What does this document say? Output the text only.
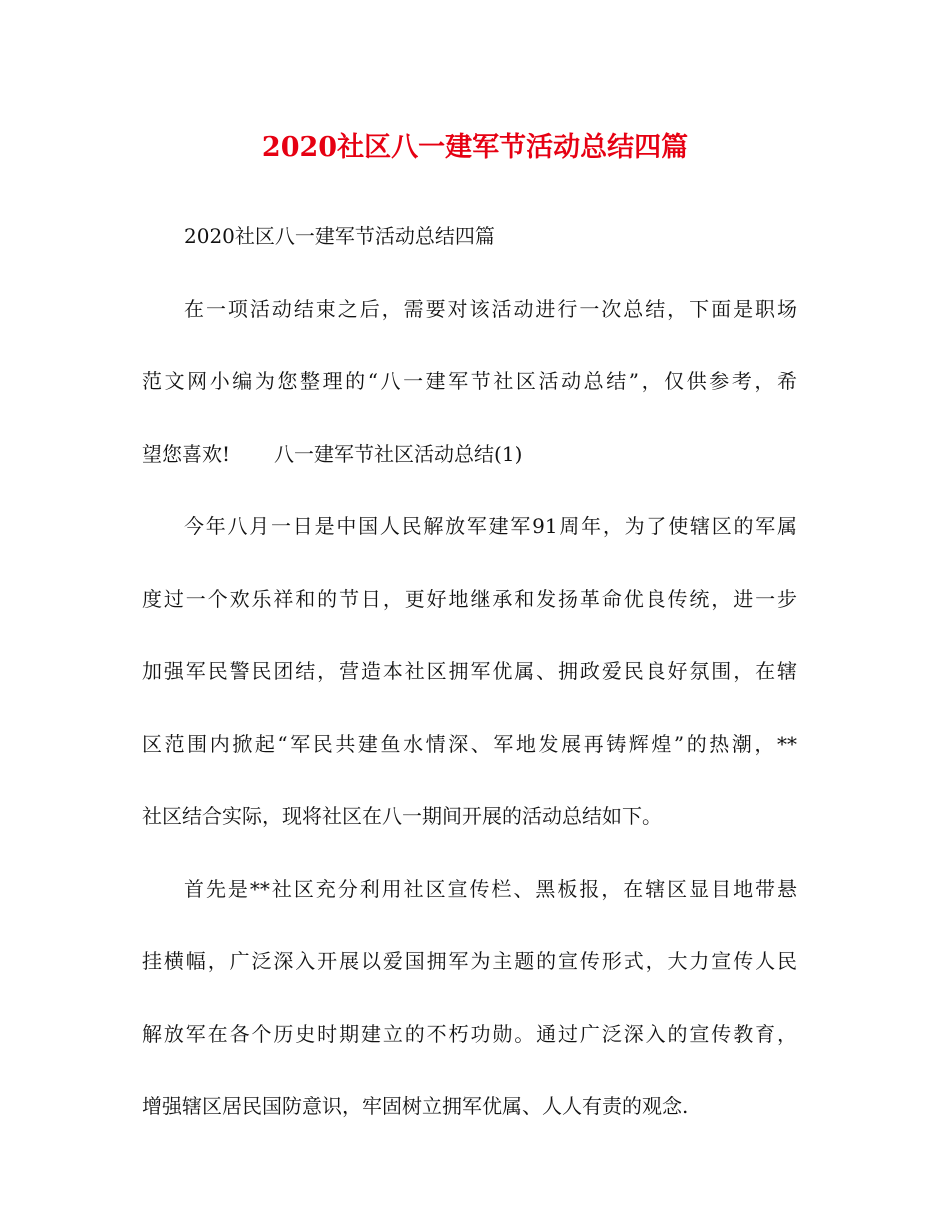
2020社区八一建军节活动总结四篇
2020社区八一建军节活动总结四篇
在一项活动结束之后，需要对该活动进行一次总结，下面是职场
范文网小编为您整理的“八一建军节社区活动总结”，仅供参考，希
望您喜欢! 八一建军节社区活动总结(1)
今年八月一日是中国人民解放军建军91周年，为了使辖区的军属
度过一个欢乐祥和的节日，更好地继承和发扬革命优良传统，进一步
加强军民警民团结，营造本社区拥军优属、拥政爱民良好氛围，在辖
区范围内掀起“军民共建鱼水情深、军地发展再铸辉煌”的热潮，**
社区结合实际，现将社区在八一期间开展的活动总结如下。
首先是**社区充分利用社区宣传栏、黑板报，在辖区显目地带悬
挂横幅，广泛深入开展以爱国拥军为主题的宣传形式，大力宣传人民
解放军在各个历史时期建立的不朽功勋。通过广泛深入的宣传教育，
增强辖区居民国防意识，牢固树立拥军优属、人人有责的观念.
